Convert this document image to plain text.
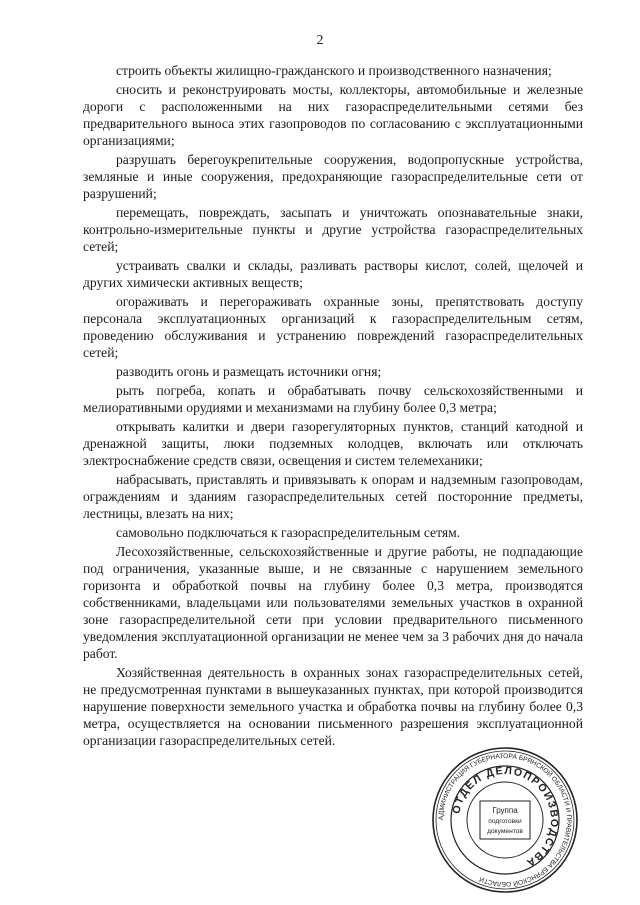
2

строить объекты жилищно-гражданского и производственного назначения;

сносить и реконструировать мосты, коллекторы, автомобильные и железные дороги с расположенными на них газораспределительными сетями без предварительного выноса этих газопроводов по согласованию с эксплуатационными организациями;

разрушать берегоукрепительные сооружения, водопропускные устройства, земляные и иные сооружения, предохраняющие газораспределительные сети от разрушений;

перемещать, повреждать, засыпать и уничтожать опознавательные знаки, контрольно-измерительные пункты и другие устройства газораспределительных сетей;

устраивать свалки и склады, разливать растворы кислот, солей, щелочей и других химически активных веществ;

огораживать и перегораживать охранные зоны, препятствовать доступу персонала эксплуатационных организаций к газораспределительным сетям, проведению обслуживания и устранению повреждений газораспределительных сетей;

разводить огонь и размещать источники огня;

рыть погреба, копать и обрабатывать почву сельскохозяйственными и мелиоративными орудиями и механизмами на глубину более 0,3 метра;

открывать калитки и двери газорегуляторных пунктов, станций катодной и дренажной защиты, люки подземных колодцев, включать или отключать электроснабжение средств связи, освещения и систем телемеханики;

набрасывать, приставлять и привязывать к опорам и надземным газопроводам, ограждениям и зданиям газораспределительных сетей посторонние предметы, лестницы, влезать на них;

самовольно подключаться к газораспределительным сетям.

Лесохозяйственные, сельскохозяйственные и другие работы, не подпадающие под ограничения, указанные выше, и не связанные с нарушением земельного горизонта и обработкой почвы на глубину более 0,3 метра, производятся собственниками, владельцами или пользователями земельных участков в охранной зоне газораспределительной сети при условии предварительного письменного уведомления эксплуатационной организации не менее чем за 3 рабочих дня до начала работ.

Хозяйственная деятельность в охранных зонах газораспределительных сетей, не предусмотренная пунктами в вышеуказанных пунктах, при которой производится нарушение поверхности земельного участка и обработка почвы на глубину более 0,3 метра, осуществляется на основании письменного разрешения эксплуатационной организации газораспределительных сетей.

АДМИНИСТРАЦИЯ ГУБЕРНАТОРА БРЯНСКОЙ ОБЛАСТИ И ПРАВИТЕЛЬСТВА БРЯНСКОЙ ОБЛАСТИ
ОТДЕЛ ДЕЛОПРОИЗВОДСТВА
Группа
подготовки
документов
